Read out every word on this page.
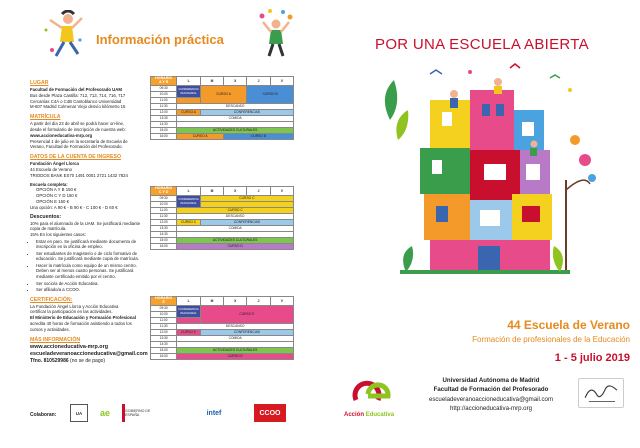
Información práctica
LUGAR
Facultad de Formación del Profesorado UAM
Bus desde Plaza Castilla: 712, 713, 714, 716, 717
Cercanías C4A o C4B Cantoblanco Universidad
M-607 Madrid Colmenar Viejo desvío kilómetro 15
MATRÍCULA
A partir del día 23 de abril se podrá hacer on-line,
desde el formulario de inscripción de nuestra web:
www.accioneducativa-mrp.org
Presencial 1 de julio en la secretaría de Escuela de
Verano, Facultad de Formación del Profesorado.
DATOS DE LA CUENTA DE INGRESO
Fundación Ángel Llorca
44 Escuela de Verano
TRIODOS BANK ES70 1491 0001 2721 1432 7824
Escuela completa:
OPCIÓN A Y B 150 €
OPCIÓN C Y D 150 €
OPCIÓN E 150 €
Una opción: A 90 € - B 90 € - C 100 € - D 60 €
Descuentos:
10% para el alumnado de la UAM. Se justificará mediante
copia de matrícula.
15% En los siguientes casos:
• Estar en paro. Se justificará mediante documento de inscripción en la oficina de empleo.
• Ser estudiantes de magisterio o de ciclo formativo de educación. Se justificará mediante copia de matrícula.
• Hacer la matrícula como equipo de un mismo centro. Deben ser al menos cuatro personas. Se justificará mediante certificado emitido por el centro.
• Ser socio/a de Acción Educativa.
• Ser afiliado/a a CCOO.
CERTIFICACIÓN:
La Fundación Ángel Llorca y Acción Educativa
certificar la participación en las actividades.
El Ministerio de Educación y Formación Profesional
acredita 40 horas de formación asistiendo a todos los
cursos y actividades.
MÁS INFORMACIÓN
www.accioneducativa-mrp.org
escueladeveranoaccioneducativa@gmail.com
Tfno. 810529986 (no se de pago)
HORARIO
A Y B	L	M	X	J	V
09:30	CONFERENCIA INAUGURAL	CURSO A		CURSO B	
10:00					
11:00					
11:30	DESCANSO				
12:00	CURSO A	CONFERENCIAS			
13:30	COMIDA				
14:30					
15:00	ACTIVIDADES CULTURALES				
16:00	CURSO A		CURSO B		
HORARIO
C Y D	L	M	X	J	V
09:30	CONFERENCIA INAUGURAL	CURSO C			
10:00					
11:00	CURSO C				
11:30	DESCANSO				
12:00	CURSO C	CONFERENCIAS			
13:30	COMIDA				
14:30					
15:00	ACTIVIDADES CULTURALES				
16:00	CURSO D				
HORARIO
E	L	M	X	J	V
09:30	CONFERENCIA INAUGURAL	CURSO E			
10:00					
11:00					
11:30	DESCANSO				
12:00	CURSO E	CONFERENCIAS			
13:30	COMIDA				
14:30					
15:00	ACTIVIDADES CULTURALES				
16:00	CURSO E				
Colaboran:	UA	ae	GOBIERNO DE ESPAÑA	intef	CCOO
POR UNA ESCUELA ABIERTA
44 Escuela de Verano
Formación de profesionales de la Educación
1 - 5 julio 2019
Acción Educativa
Universidad Autónoma de Madrid
Facultad de Formación del Profesorado
escueladeveranoaccioneducativa@gmail.com
http://accioneducativa-mrp.org
